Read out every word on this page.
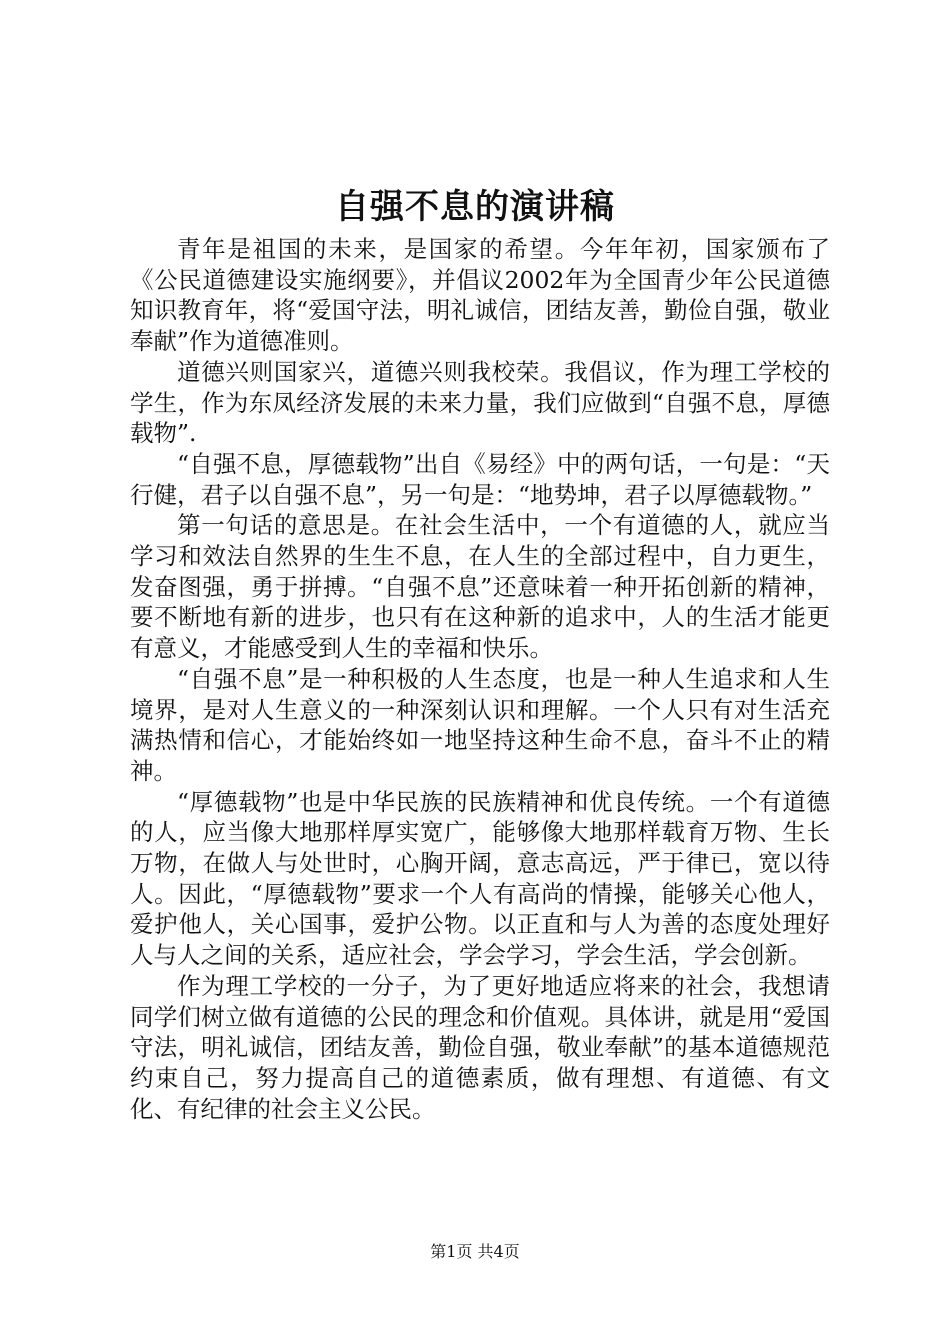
自强不息的演讲稿

青年是祖国的未来，是国家的希望。今年年初，国家颁布了《公民道德建设实施纲要》，并倡议2002年为全国青少年公民道德知识教育年，将“爱国守法，明礼诚信，团结友善，勤俭自强，敬业奉献”作为道德准则。

道德兴则国家兴，道德兴则我校荣。我倡议，作为理工学校的学生，作为东凤经济发展的未来力量，我们应做到“自强不息，厚德载物”.

“自强不息，厚德载物”出自《易经》中的两句话，一句是：“天行健，君子以自强不息”，另一句是：“地势坤，君子以厚德载物。”

第一句话的意思是。在社会生活中，一个有道德的人，就应当学习和效法自然界的生生不息，在人生的全部过程中，自力更生，发奋图强，勇于拼搏。“自强不息”还意味着一种开拓创新的精神，要不断地有新的进步，也只有在这种新的追求中，人的生活才能更有意义，才能感受到人生的幸福和快乐。

“自强不息”是一种积极的人生态度，也是一种人生追求和人生境界，是对人生意义的一种深刻认识和理解。一个人只有对生活充满热情和信心，才能始终如一地坚持这种生命不息，奋斗不止的精神。

“厚德载物”也是中华民族的民族精神和优良传统。一个有道德的人，应当像大地那样厚实宽广，能够像大地那样载育万物、生长万物，在做人与处世时，心胸开阔，意志高远，严于律已，宽以待人。因此，“厚德载物”要求一个人有高尚的情操，能够关心他人，爱护他人，关心国事，爱护公物。以正直和与人为善的态度处理好人与人之间的关系，适应社会，学会学习，学会生活，学会创新。

作为理工学校的一分子，为了更好地适应将来的社会，我想请同学们树立做有道德的公民的理念和价值观。具体讲，就是用“爱国守法，明礼诚信，团结友善，勤俭自强，敬业奉献”的基本道德规范约束自己，努力提高自己的道德素质，做有理想、有道德、有文化、有纪律的社会主义公民。

第1页 共4页
